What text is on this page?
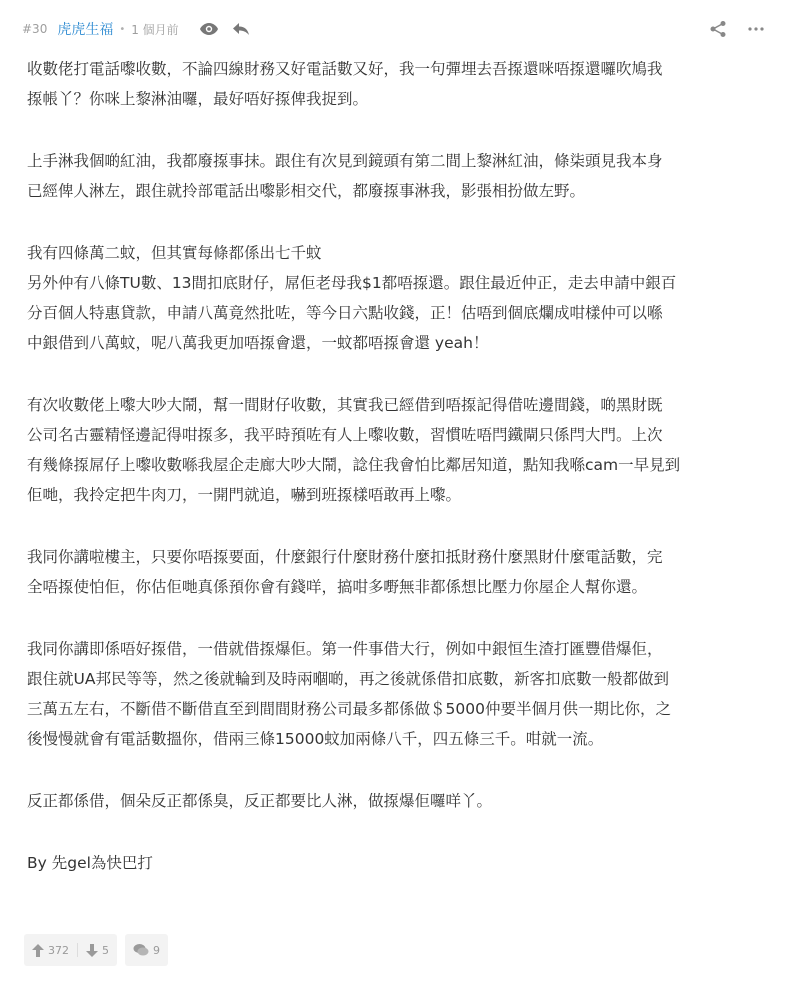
#30 虎虎生福 • 1 個月前

收數佬打電話嚟收數，不論四線財務又好電話數又好，我一句彈埋去吾揼還咪唔揼還囉吹鳩我
揼帳丫？你咪上黎淋油囉，最好唔好揼俾我捉到。

上手淋我個啲紅油，我都廢揼事抹。跟住有次見到鏡頭有第二間上黎淋紅油，條柒頭見我本身
已經俾人淋左，跟住就拎部電話出嚟影相交代，都廢揼事淋我，影張相扮做左野。

我有四條萬二蚊，但其實每條都係出七千蚊
另外仲有八條TU數、13間扣底財仔，屌佢老母我$1都唔揼還。跟住最近仲正，走去申請中銀百
分百個人特惠貸款，申請八萬竟然批咗，等今日六點收錢，正！估唔到個底爛成咁樣仲可以喺
中銀借到八萬蚊，呢八萬我更加唔揼會還，一蚊都唔揼會還 yeah！

有次收數佬上嚟大吵大鬧，幫一間財仔收數，其實我已經借到唔揼記得借咗邊間錢，啲黑財既
公司名古靈精怪邊記得咁揼多，我平時預咗有人上嚟收數，習慣咗唔閂鐵閘只係閂大門。上次
有幾條揼屌仔上嚟收數喺我屋企走廊大吵大鬧，諗住我會怕比鄰居知道，點知我喺cam一早見到
佢哋，我拎定把牛肉刀，一開門就追，嚇到班揼樣唔敢再上嚟。

我同你講啦樓主，只要你唔揼要面，什麼銀行什麼財務什麼扣抵財務什麼黑財什麼電話數，完
全唔揼使怕佢，你估佢哋真係預你會有錢咩，搞咁多嘢無非都係想比壓力你屋企人幫你還。

我同你講即係唔好揼借，一借就借揼爆佢。第一件事借大行，例如中銀恒生渣打匯豐借爆佢，
跟住就UA邦民等等，然之後就輪到及時兩嗰啲，再之後就係借扣底數，新客扣底數一般都做到
三萬五左右，不斷借不斷借直至到間間財務公司最多都係做＄5000仲要半個月供一期比你，之
後慢慢就會有電話數搵你，借兩三條15000蚊加兩條八千，四五條三千。咁就一流。

反正都係借，個朵反正都係臭，反正都要比人淋，做揼爆佢囉咩丫。

By 先gel為快巴打

372	5	9
